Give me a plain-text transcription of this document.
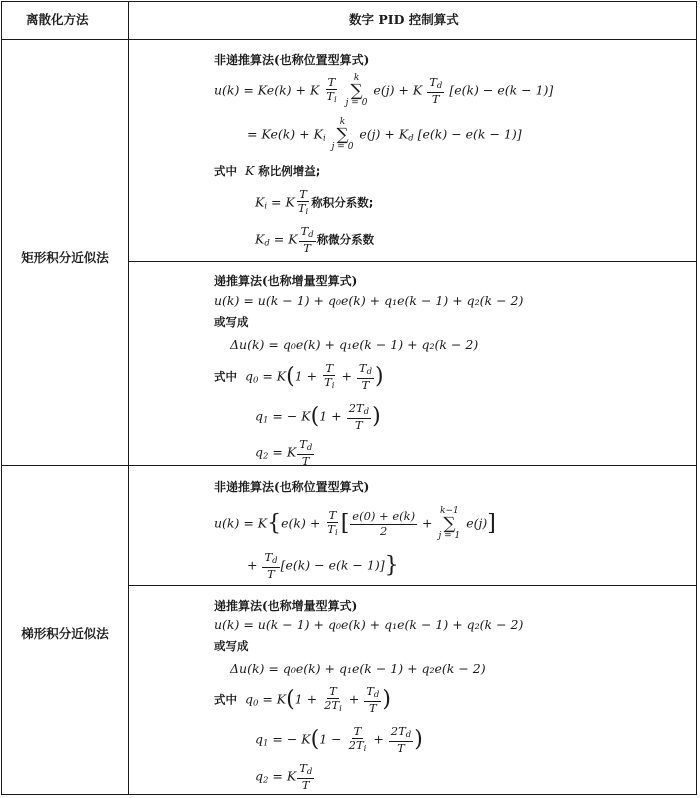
离散化方法	数字 PID 控制算式
矩形积分近似法
梯形积分近似法
非递推算法(也称位置型算式)
u(k) = Ke(k) + K $\frac{T}{T_i}$
k
∑
j = 0
e(j) + K $\frac{T_d}{T} [e(k) - e(k - 1)]$
= $Ke(k) + K_i$
k
∑
j = 0
$e(j) + K_d$ [e(k) − e(k − 1)]
式中  K 称比例增益;
$K_i = K \frac{T}{T_i}$ 称积分系数;
$K_d = K \frac{T_d}{T}$ 称微分系数
递推算法(也称增量型算式)
u(k) = u(k − 1) + q₀e(k) + q₁e(k − 1) + q₂(k − 2)
或写成
Δu(k) = q₀e(k) + q₁e(k − 1) + q₂(k − 2)
式中  $q_0 = K(1 + \frac{T}{T_i} + \frac{T_d}{T}$ )
$q_1$ = − $K(1 + \frac{2T_d}{T}$ )
$q_2 = K \frac{T_d}{T}$
非递推算法(也称位置型算式)
$u(k) = K\{e(k) + \frac{T}{T_i}$ [ $\frac{e(0) + e(k)}{2}$ +
k−1
∑
j = 1
e(j)]
+ $\frac{T_d}{T} [e(k) - e(k - 1)]$}
递推算法(也称增量型算式)
u(k) = u(k − 1) + q₀e(k) + q₁e(k − 1) + q₂(k − 2)
或写成
Δu(k) = q₀e(k) + q₁e(k − 1) + q₂e(k − 2)
式中  $q_0 = K(1 + \frac{T}{2T_i} + \frac{T_d}{T}$ )
$q_1$ = − $K(1 - \frac{T}{2T_i} + \frac{2T_d}{T}$ )
$q_2 = K \frac{T_d}{T}$
